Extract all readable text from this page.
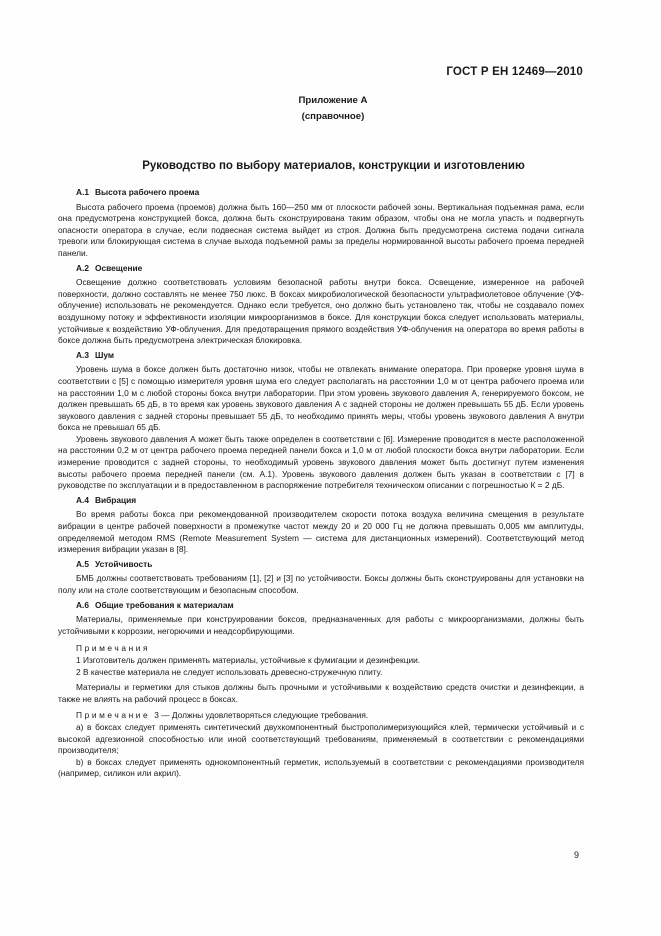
ГОСТ Р ЕН 12469—2010
Приложение А
(справочное)
Руководство по выбору материалов, конструкции и изготовлению
А.1 Высота рабочего проема

Высота рабочего проема (проемов) должна быть 160—250 мм от плоскости рабочей зоны. Вертикальная подъемная рама, если она предусмотрена конструкцией бокса, должна быть сконструирована таким образом, чтобы она не могла упасть и подвергнуть опасности оператора в случае, если подвесная система выйдет из строя. Должна быть предусмотрена система подачи сигнала тревоги или блокирующая система в случае выхода подъемной рамы за пределы нормированной высоты рабочего проема передней панели.

А.2 Освещение

Освещение должно соответствовать условиям безопасной работы внутри бокса. Освещение, измеренное на рабочей поверхности, должно составлять не менее 750 люкс. В боксах микробиологической безопасности ультрафиолетовое облучение (УФ-облучение) использовать не рекомендуется. Однако если требуется, оно должно быть установлено так, чтобы не создавало помех воздушному потоку и эффективности изоляции микроорганизмов в боксе. Для конструкции бокса следует использовать материалы, устойчивые к воздействию УФ-облучения. Для предотвращения прямого воздействия УФ-облучения на оператора во время работы в боксе должна быть предусмотрена электрическая блокировка.

А.3 Шум

Уровень шума в боксе должен быть достаточно низок, чтобы не отвлекать внимание оператора. При проверке уровня шума в соответствии с [5] с помощью измерителя уровня шума его следует располагать на расстоянии 1,0 м от центра рабочего проема или на расстоянии 1,0 м с любой стороны бокса внутри лаборатории. При этом уровень звукового давления А, генерируемого боксом, не должен превышать 65 дБ, в то время как уровень звукового давления А с задней стороны не должен превышать 55 дБ. Если уровень звукового давления с задней стороны превышает 55 дБ, то необходимо принять меры, чтобы уровень звукового давления А внутри бокса не превышал 65 дБ.

Уровень звукового давления А может быть также определен в соответствии с [6]. Измерение проводится в месте расположенной на расстоянии 0,2 м от центра рабочего проема передней панели бокса и 1,0 м от любой плоскости бокса внутри лаборатории. Если измерение проводится с задней стороны, то необходимый уровень звукового давления может быть достигнут путем изменения высоты рабочего проема передней панели (см. А.1). Уровень звукового давления должен быть указан в соответствии с [7] в руководстве по эксплуатации и в предоставленном в распоряжение потребителя техническом описании с погрешностью К = 2 дБ.

А.4 Вибрация

Во время работы бокса при рекомендованной производителем скорости потока воздуха величина смещения в результате вибрации в центре рабочей поверхности в промежутке частот между 20 и 20 000 Гц не должна превышать 0,005 мм амплитуды, определяемой методом RMS (Remote Measurement System — система для дистанционных измерений). Соответствующий метод измерения вибрации указан в [8].

А.5 Устойчивость

БМБ должны соответствовать требованиям [1], [2] и [3] по устойчивости. Боксы должны быть сконструированы для установки на полу или на столе соответствующим и безопасным способом.

А.6 Общие требования к материалам

Материалы, применяемые при конструировании боксов, предназначенных для работы с микроорганизмами, должны быть устойчивыми к коррозии, негорючими и неадсорбирующими.

Примечания
1 Изготовитель должен применять материалы, устойчивые к фумигации и дезинфекции.
2 В качестве материала не следует использовать древесно-стружечную плиту.

Материалы и герметики для стыков должны быть прочными и устойчивыми к воздействию средств очистки и дезинфекции, а также не влиять на рабочий процесс в боксах.

Примечание 3 — Должны удовлетворяться следующие требования.

а) в боксах следует применять синтетический двухкомпонентный быстрополимеризующийся клей, термически устойчивый и с высокой адгезионной способностью или иной соответствующий требованиям, применяемый в соответствии с рекомендациями производителя;

b) в боксах следует применять однокомпонентный герметик, используемый в соответствии с рекомендациями производителя (например, силикон или акрил).

9
